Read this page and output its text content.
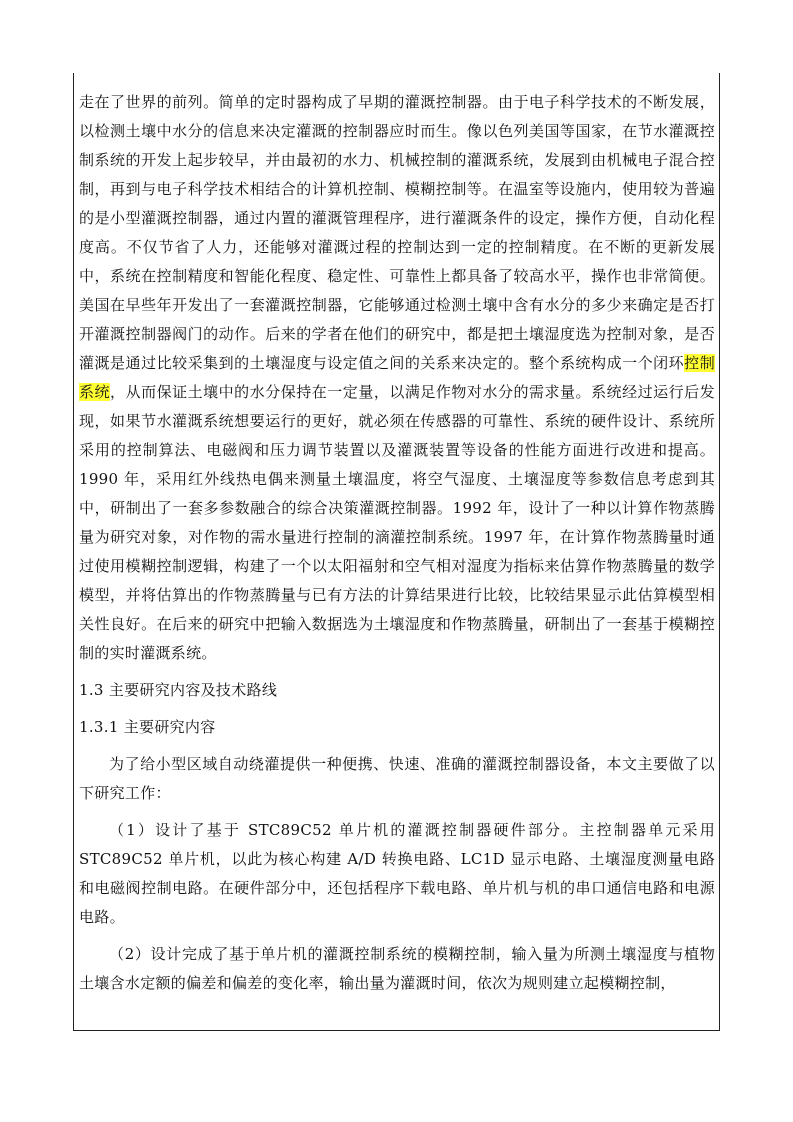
走在了世界的前列。简单的定时器构成了早期的灌溉控制器。由于电子科学技术的不断发展，以检测土壤中水分的信息来决定灌溉的控制器应时而生。像以色列美国等国家，在节水灌溉控制系统的开发上起步较早，并由最初的水力、机械控制的灌溉系统，发展到由机械电子混合控制，再到与电子科学技术相结合的计算机控制、模糊控制等。在温室等设施内，使用较为普遍的是小型灌溉控制器，通过内置的灌溉管理程序，进行灌溉条件的设定，操作方便，自动化程度高。不仅节省了人力，还能够对灌溉过程的控制达到一定的控制精度。在不断的更新发展中，系统在控制精度和智能化程度、稳定性、可靠性上都具备了较高水平，操作也非常简便。美国在早些年开发出了一套灌溉控制器，它能够通过检测土壤中含有水分的多少来确定是否打开灌溉控制器阀门的动作。后来的学者在他们的研究中，都是把土壤湿度选为控制对象，是否灌溉是通过比较采集到的土壤湿度与设定值之间的关系来决定的。整个系统构成一个闭环控制系统，从而保证土壤中的水分保持在一定量，以满足作物对水分的需求量。系统经过运行后发现，如果节水灌溉系统想要运行的更好，就必须在传感器的可靠性、系统的硬件设计、系统所采用的控制算法、电磁阀和压力调节装置以及灌溉装置等设备的性能方面进行改进和提高。1990 年，采用红外线热电偶来测量土壤温度，将空气湿度、土壤湿度等参数信息考虑到其中，研制出了一套多参数融合的综合决策灌溉控制器。1992 年，设计了一种以计算作物蒸腾量为研究对象，对作物的需水量进行控制的滴灌控制系统。1997 年，在计算作物蒸腾量时通过使用模糊控制逻辑，构建了一个以太阳福射和空气相对湿度为指标来估算作物蒸腾量的数学模型，并将估算出的作物蒸腾量与已有方法的计算结果进行比较，比较结果显示此估算模型相关性良好。在后来的研究中把输入数据选为土壤湿度和作物蒸腾量，研制出了一套基于模糊控制的实时灌溉系统。

1.3 主要研究内容及技术路线

1.3.1 主要研究内容

为了给小型区域自动绕灌提供一种便携、快速、准确的灌溉控制器设备，本文主要做了以下研究工作：

（1）设计了基于 STC89C52 单片机的灌溉控制器硬件部分。主控制器单元采用 STC89C52 单片机，以此为核心构建 A/D 转换电路、LC1D 显示电路、土壤湿度测量电路和电磁阀控制电路。在硬件部分中，还包括程序下载电路、单片机与机的串口通信电路和电源电路。

（2）设计完成了基于单片机的灌溉控制系统的模糊控制，输入量为所测土壤湿度与植物土壤含水定额的偏差和偏差的变化率，输出量为灌溉时间，依次为规则建立起模糊控制，
